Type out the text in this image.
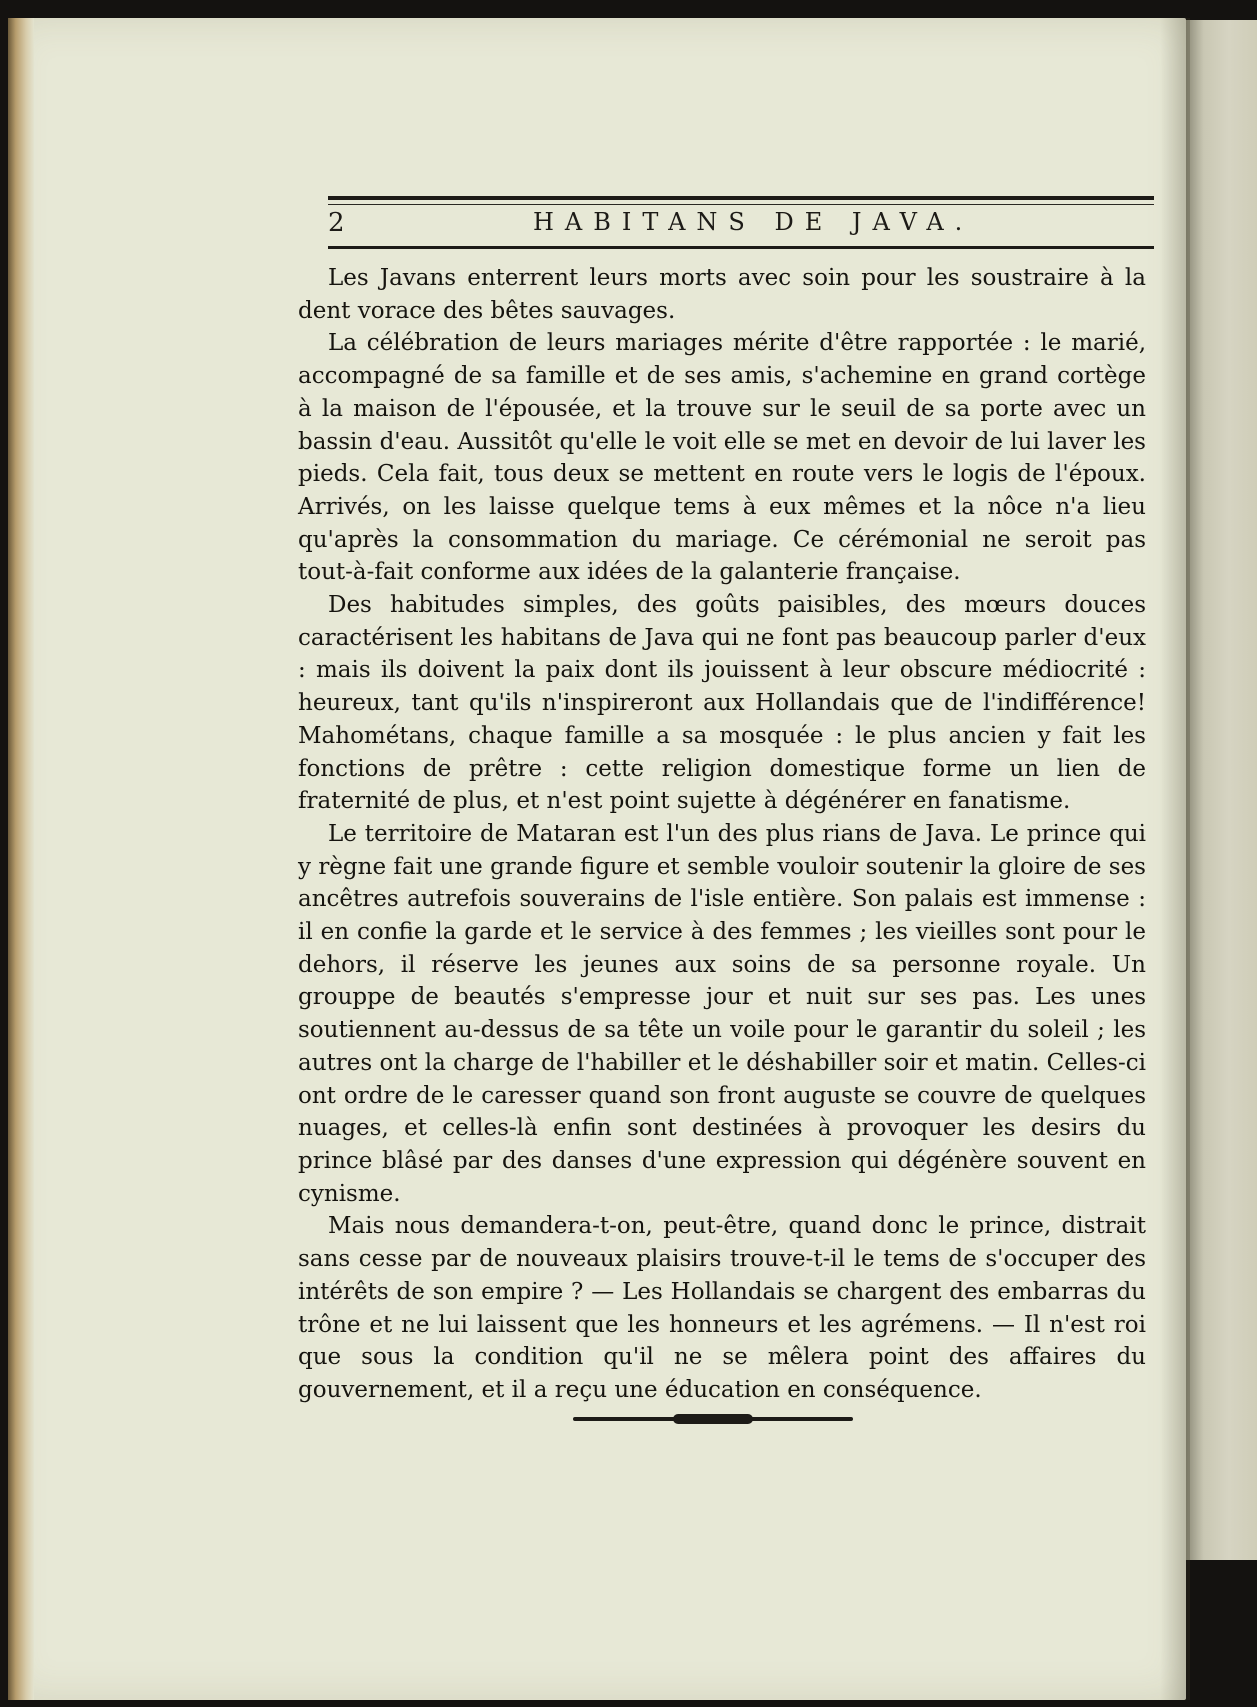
2	HABITANS DE JAVA.

Les Javans enterrent leurs morts avec soin pour les soustraire à la dent vorace des bêtes sauvages.

La célébration de leurs mariages mérite d'être rapportée : le marié, accompagné de sa famille et de ses amis, s'achemine en grand cortège à la maison de l'épousée, et la trouve sur le seuil de sa porte avec un bassin d'eau. Aussitôt qu'elle le voit elle se met en devoir de lui laver les pieds. Cela fait, tous deux se mettent en route vers le logis de l'époux. Arrivés, on les laisse quelque tems à eux mêmes et la nôce n'a lieu qu'après la consommation du mariage. Ce cérémonial ne seroit pas tout-à-fait conforme aux idées de la galanterie française.

Des habitudes simples, des goûts paisibles, des mœurs douces caractérisent les habitans de Java qui ne font pas beaucoup parler d'eux : mais ils doivent la paix dont ils jouissent à leur obscure médiocrité : heureux, tant qu'ils n'inspireront aux Hollandais que de l'indifférence! Mahométans, chaque famille a sa mosquée : le plus ancien y fait les fonctions de prêtre : cette religion domestique forme un lien de fraternité de plus, et n'est point sujette à dégénérer en fanatisme.

Le territoire de Mataran est l'un des plus rians de Java. Le prince qui y règne fait une grande figure et semble vouloir soutenir la gloire de ses ancêtres autrefois souverains de l'isle entière. Son palais est immense : il en confie la garde et le service à des femmes ; les vieilles sont pour le dehors, il réserve les jeunes aux soins de sa personne royale. Un grouppe de beautés s'empresse jour et nuit sur ses pas. Les unes soutiennent au-dessus de sa tête un voile pour le garantir du soleil ; les autres ont la charge de l'habiller et le déshabiller soir et matin. Celles-ci ont ordre de le caresser quand son front auguste se couvre de quelques nuages, et celles-là enfin sont destinées à provoquer les desirs du prince blâsé par des danses d'une expression qui dégénère souvent en cynisme.

Mais nous demandera-t-on, peut-être, quand donc le prince, distrait sans cesse par de nouveaux plaisirs trouve-t-il le tems de s'occuper des intérêts de son empire ? — Les Hollandais se chargent des embarras du trône et ne lui laissent que les honneurs et les agrémens. — Il n'est roi que sous la condition qu'il ne se mêlera point des affaires du gouvernement, et il a reçu une éducation en conséquence.
